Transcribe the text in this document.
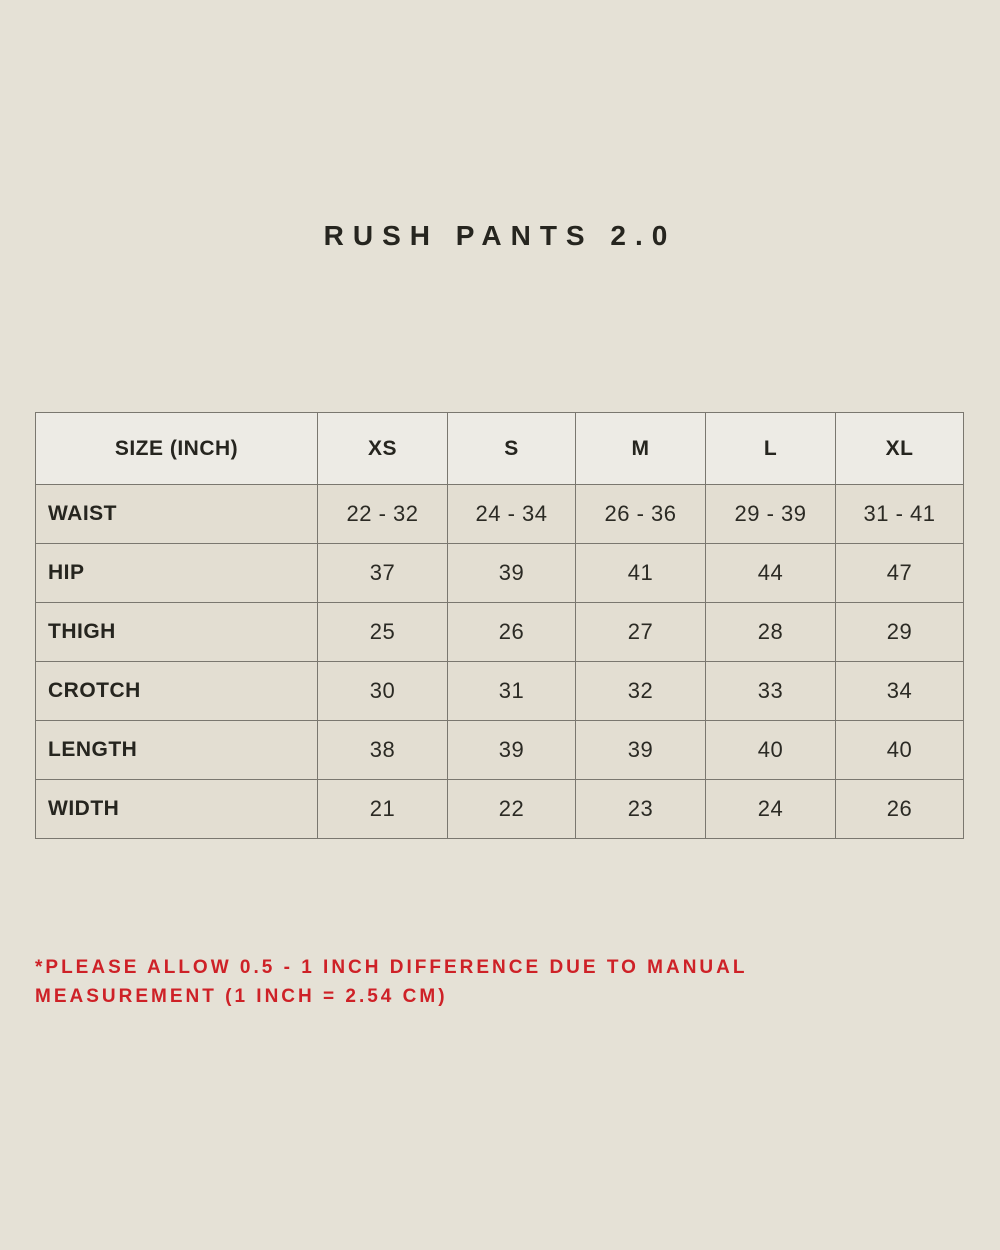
RUSH PANTS 2.0
SIZE (INCH)	XS	S	M	L	XL
WAIST	22 - 32	24 - 34	26 - 36	29 - 39	31 - 41
HIP	37	39	41	44	47
THIGH	25	26	27	28	29
CROTCH	30	31	32	33	34
LENGTH	38	39	39	40	40
WIDTH	21	22	23	24	26
*PLEASE ALLOW 0.5 - 1 INCH DIFFERENCE DUE TO MANUAL MEASUREMENT (1 INCH = 2.54 CM)
